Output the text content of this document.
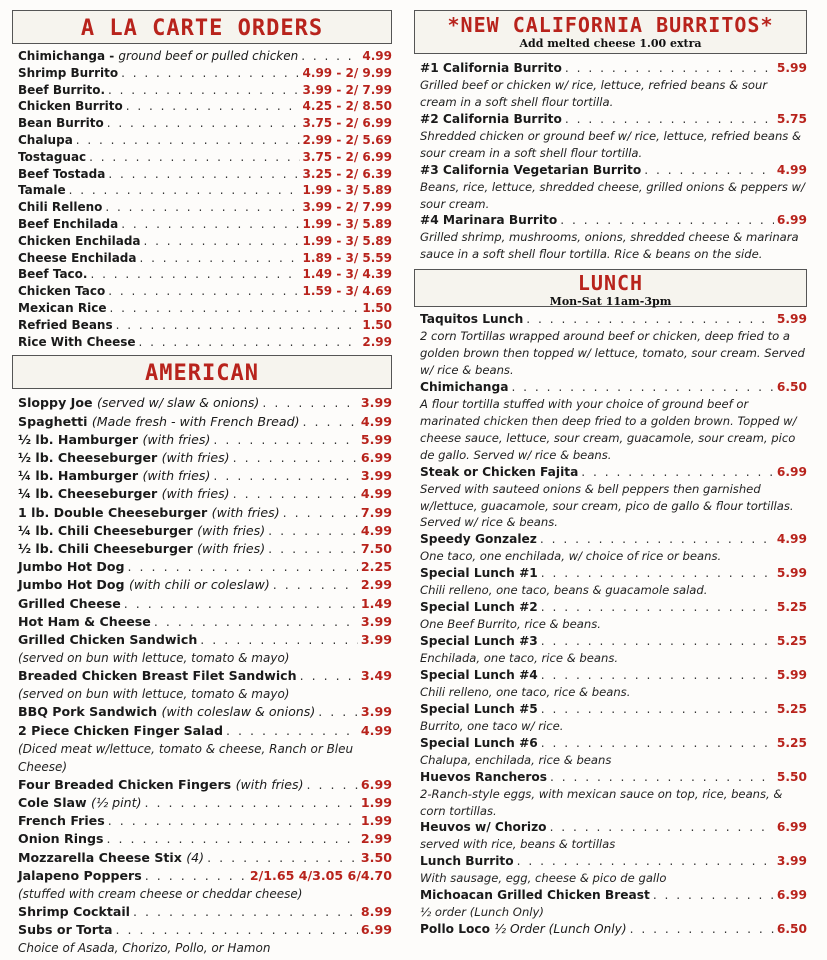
A LA CARTE ORDERS
Chimichanga - ground beef or pulled chicken . . .	4.99
Shrimp Burrito . . .	4.99 - 2/ 9.99
Beef Burrito. . . .	3.99 - 2/ 7.99
Chicken Burrito . . .	4.25 - 2/ 8.50
Bean Burrito . . .	3.75 - 2/ 6.99
Chalupa . . .	2.99 - 2/ 5.69
Tostaguac . . .	3.75 - 2/ 6.99
Beef Tostada . . .	3.25 - 2/ 6.39
Tamale . . .	1.99 - 3/ 5.89
Chili Relleno . . .	3.99 - 2/ 7.99
Beef Enchilada . . .	1.99 - 3/ 5.89
Chicken Enchilada . . .	1.99 - 3/ 5.89
Cheese Enchilada . . .	1.89 - 3/ 5.59
Beef Taco. . . .	1.49 - 3/ 4.39
Chicken Taco . . .	1.59 - 3/ 4.69
Mexican Rice . . .	1.50
Refried Beans . . .	1.50
Rice With Cheese . . .	2.99
AMERICAN
Sloppy Joe (served w/ slaw & onions) . . .	3.99
Spaghetti (Made fresh - with French Bread) . . .	4.99
½ lb. Hamburger (with fries) . . .	5.99
½ lb. Cheeseburger (with fries) . . .	6.99
¼ lb. Hamburger (with fries) . . .	3.99
¼ lb. Cheeseburger (with fries) . . .	4.99
1 lb. Double Cheeseburger (with fries) . . .	7.99
¼ lb. Chili Cheeseburger (with fries) . . .	4.99
½ lb. Chili Cheeseburger (with fries) . . .	7.50
Jumbo Hot Dog . . .	2.25
Jumbo Hot Dog (with chili or coleslaw) . . .	2.99
Grilled Cheese . . .	1.49
Hot Ham & Cheese . . .	3.99
Grilled Chicken Sandwich . . .	3.99
(served on bun with lettuce, tomato & mayo)
Breaded Chicken Breast Filet Sandwich . . .	3.49
(served on bun with lettuce, tomato & mayo)
BBQ Pork Sandwich (with coleslaw & onions) . . .	3.99
2 Piece Chicken Finger Salad . . .	4.99
(Diced meat w/lettuce, tomato & cheese, Ranch or Bleu Cheese)
Four Breaded Chicken Fingers (with fries) . . .	6.99
Cole Slaw (½ pint) . . .	1.99
French Fries . . .	1.99
Onion Rings . . .	2.99
Mozzarella Cheese Stix (4) . . .	3.50
Jalapeno Poppers . . .	2/1.65 4/3.05 6/4.70
(stuffed with cream cheese or cheddar cheese)
Shrimp Cocktail . . .	8.99
Subs or Torta . . .	6.99
Choice of Asada, Chorizo, Pollo, or Hamon
*NEW CALIFORNIA BURRITOS*
Add melted cheese 1.00 extra
#1 California Burrito . . .	5.99
Grilled beef or chicken w/ rice, lettuce, refried beans & sour cream in a soft shell flour tortilla.
#2 California Burrito . . .	5.75
Shredded chicken or ground beef w/ rice, lettuce, refried beans & sour cream in a soft shell flour tortilla.
#3 California Vegetarian Burrito . . .	4.99
Beans, rice, lettuce, shredded cheese, grilled onions & peppers w/ sour cream.
#4 Marinara Burrito . . .	6.99
Grilled shrimp, mushrooms, onions, shredded cheese & marinara sauce in a soft shell flour tortilla. Rice & beans on the side.
LUNCH
Mon-Sat 11am-3pm
Taquitos Lunch . . .	5.99
2 corn Tortillas wrapped around beef or chicken, deep fried to a golden brown then topped w/ lettuce, tomato, sour cream. Served w/ rice & beans.
Chimichanga . . .	6.50
A flour tortilla stuffed with your choice of ground beef or marinated chicken then deep fried to a golden brown. Topped w/ cheese sauce, lettuce, sour cream, guacamole, sour cream, pico de gallo. Served w/ rice & beans.
Steak or Chicken Fajita . . .	6.99
Served with sauteed onions & bell peppers then garnished w/lettuce, guacamole, sour cream, pico de gallo & flour tortillas. Served w/ rice & beans.
Speedy Gonzalez . . .	4.99
One taco, one enchilada, w/ choice of rice or beans.
Special Lunch #1 . . .	5.99
Chili relleno, one taco, beans & guacamole salad.
Special Lunch #2 . . .	5.25
One Beef Burrito, rice & beans.
Special Lunch #3 . . .	5.25
Enchilada, one taco, rice & beans.
Special Lunch #4 . . .	5.99
Chili relleno, one taco, rice & beans.
Special Lunch #5 . . .	5.25
Burrito, one taco w/ rice.
Special Lunch #6 . . .	5.25
Chalupa, enchilada, rice & beans
Huevos Rancheros . . .	5.50
2-Ranch-style eggs, with mexican sauce on top, rice, beans, & corn tortillas.
Heuvos w/ Chorizo . . .	6.99
served with rice, beans & tortillas
Lunch Burrito . . .	3.99
With sausage, egg, cheese & pico de gallo
Michoacan Grilled Chicken Breast . . .	6.99
½ order (Lunch Only)
Pollo Loco ½ Order (Lunch Only) . . .	6.50
